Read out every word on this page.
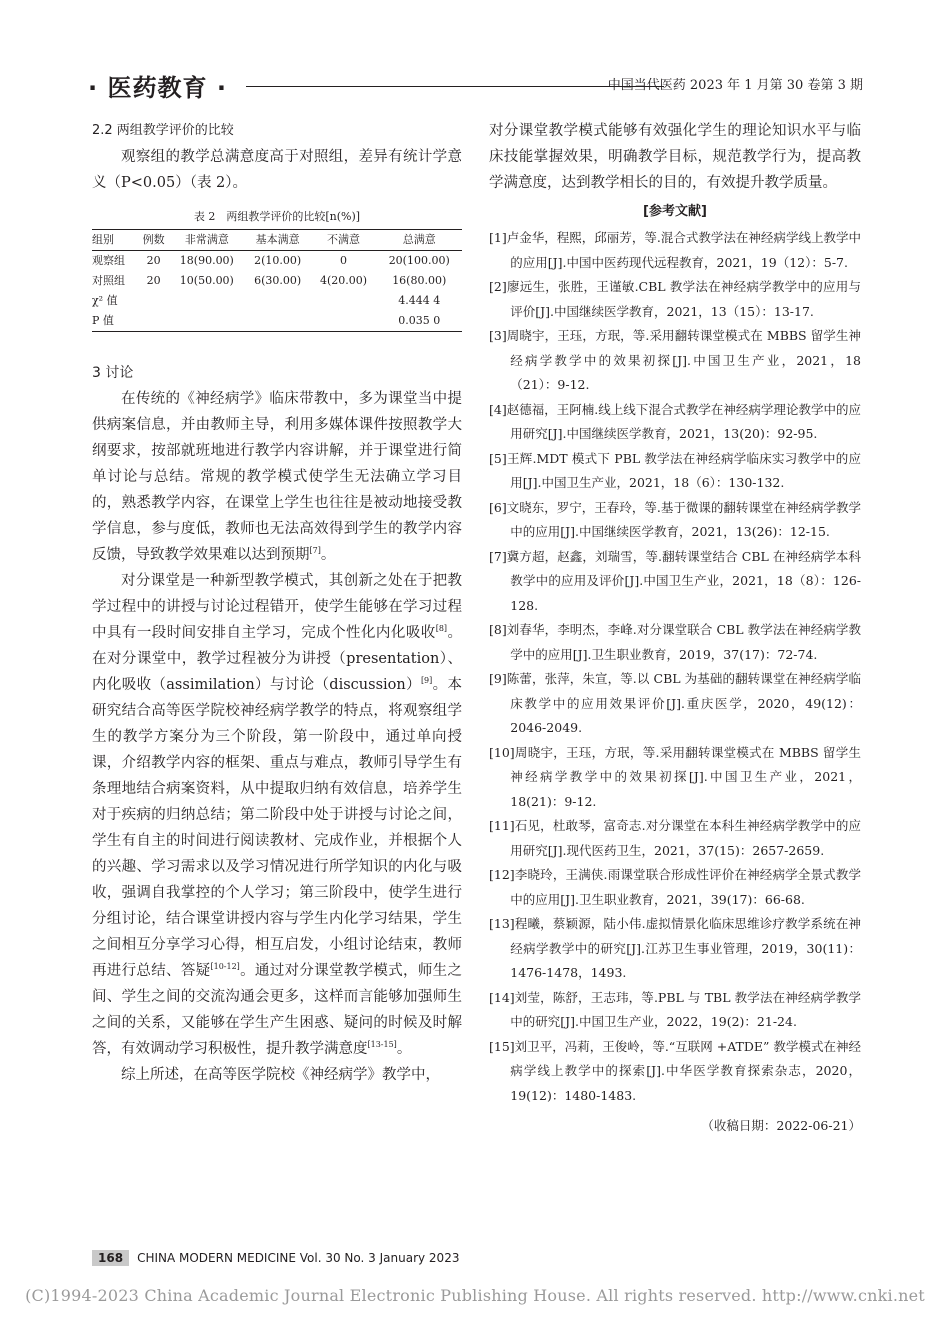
· 医药教育 ·	中国当代医药 2023 年 1 月第 30 卷第 3 期

2.2 两组教学评价的比较

观察组的教学总满意度高于对照组，差异有统计学意义（P<0.05）（表 2）。

表 2　两组教学评价的比较[n(%)]
组别	例数	非常满意	基本满意	不满意	总满意
观察组	20	18(90.00)	2(10.00)	0	20(100.00)
对照组	20	10(50.00)	6(30.00)	4(20.00)	16(80.00)
χ² 值					4.444 4
P 值					0.035 0
3 讨论

在传统的《神经病学》临床带教中，多为课堂当中提供病案信息，并由教师主导，利用多媒体课件按照教学大纲要求，按部就班地进行教学内容讲解，并于课堂进行简单讨论与总结。常规的教学模式使学生无法确立学习目的，熟悉教学内容，在课堂上学生也往往是被动地接受教学信息，参与度低，教师也无法高效得到学生的教学内容反馈，导致教学效果难以达到预期[7]。

对分课堂是一种新型教学模式，其创新之处在于把教学过程中的讲授与讨论过程错开，使学生能够在学习过程中具有一段时间安排自主学习，完成个性化内化吸收[8]。在对分课堂中，教学过程被分为讲授（presentation）、内化吸收（assimilation）与讨论（discussion）[9]。本研究结合高等医学院校神经病学教学的特点，将观察组学生的教学方案分为三个阶段，第一阶段中，通过单向授课，介绍教学内容的框架、重点与难点，教师引导学生有条理地结合病案资料，从中提取归纳有效信息，培养学生对于疾病的归纳总结；第二阶段中处于讲授与讨论之间，学生有自主的时间进行阅读教材、完成作业，并根据个人的兴趣、学习需求以及学习情况进行所学知识的内化与吸收，强调自我掌控的个人学习；第三阶段中，使学生进行分组讨论，结合课堂讲授内容与学生内化学习结果，学生之间相互分享学习心得，相互启发，小组讨论结束，教师再进行总结、答疑[10-12]。通过对分课堂教学模式，师生之间、学生之间的交流沟通会更多，这样而言能够加强师生之间的关系，又能够在学生产生困惑、疑问的时候及时解答，有效调动学习积极性，提升教学满意度[13-15]。

综上所述，在高等医学院校《神经病学》教学中，

对分课堂教学模式能够有效强化学生的理论知识水平与临床技能掌握效果，明确教学目标，规范教学行为，提高教学满意度，达到教学相长的目的，有效提升教学质量。

[参考文献]

[1]卢金华，程熙，邱丽芳，等.混合式教学法在神经病学线上教学中的应用[J].中国中医药现代远程教育，2021，19（12）：5-7.

[2]廖远生，张胜，王谨敏.CBL 教学法在神经病学教学中的应用与评价[J].中国继续医学教育，2021，13（15）：13-17.

[3]周晓宇，王珏，方珉，等.采用翻转课堂模式在 MBBS 留学生神经病学教学中的效果初探[J].中国卫生产业，2021，18（21）：9-12.

[4]赵德福，王阿楠.线上线下混合式教学在神经病学理论教学中的应用研究[J].中国继续医学教育，2021，13(20)：92-95.

[5]王辉.MDT 模式下 PBL 教学法在神经病学临床实习教学中的应用[J].中国卫生产业，2021，18（6）：130-132.

[6]文晓东，罗宁，王春玲，等.基于微课的翻转课堂在神经病学教学中的应用[J].中国继续医学教育，2021，13(26)：12-15.

[7]冀方超，赵鑫，刘瑞雪，等.翻转课堂结合 CBL 在神经病学本科教学中的应用及评价[J].中国卫生产业，2021，18（8）：126-128.

[8]刘春华，李明杰，李峰.对分课堂联合 CBL 教学法在神经病学教学中的应用[J].卫生职业教育，2019，37(17)：72-74.

[9]陈蕾，张萍，朱宣，等.以 CBL 为基础的翻转课堂在神经病学临床教学中的应用效果评价[J].重庆医学，2020，49(12)：2046-2049.

[10]周晓宇，王珏，方珉，等.采用翻转课堂模式在 MBBS 留学生神经病学教学中的效果初探[J].中国卫生产业，2021，18(21)：9-12.

[11]石见，杜敢琴，富奇志.对分课堂在本科生神经病学教学中的应用研究[J].现代医药卫生，2021，37(15)：2657-2659.

[12]李晓玲，王满侠.雨课堂联合形成性评价在神经病学全景式教学中的应用[J].卫生职业教育，2021，39(17)：66-68.

[13]程曦，蔡颖源，陆小伟.虚拟情景化临床思维诊疗教学系统在神经病学教学中的研究[J].江苏卫生事业管理，2019，30(11)：1476-1478，1493.

[14]刘莹，陈舒，王志玮，等.PBL 与 TBL 教学法在神经病学教学中的研究[J].中国卫生产业，2022，19(2)：21-24.

[15]刘卫平，冯莉，王俊岭，等.“互联网 +ATDE” 教学模式在神经病学线上教学中的探索[J].中华医学教育探索杂志，2020，19(12)：1480-1483.

（收稿日期：2022-06-21）
168	CHINA MODERN MEDICINE Vol. 30 No. 3 January 2023
(C)1994-2023 China Academic Journal Electronic Publishing House. All rights reserved. http://www.cnki.net
